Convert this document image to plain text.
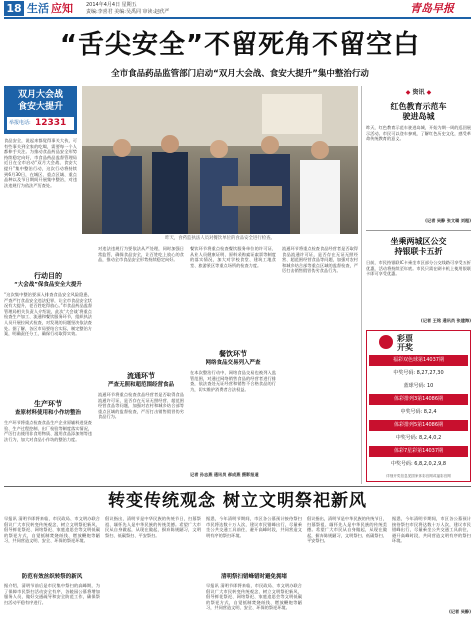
18 生活 应知	2014年4月4日 星期五
责编:李喜君 美编:吴禹同 审读:赵欣严	青岛早报
“舌尖安全”不留死角不留空白
全市食品药品监管部门启动“双月大会战、食安大提升”集中整治行动
双月大会战
食安大提升
举报电话: 12331
食品安全，说起来都觉得事关大伙，可有些事关到全家的吃喝，需要每一个人都伸手关注。为推动食品药品安全形势持续稳定向好，市食品药品监督管理局近日在全市启动“双月大会战、食安大提升”集中整治行动，这次行动将持续到6月30日，在城区、重点区域、重点品种以及节日期间开展集中整治，对违法违规行为依法严厉查处。
昨天，食药监执法人员对餐饮单位的食品安全进行检查。
◆ 资讯 ◆
红色教育示范车
驶进岛城
昨天，红色教育示范车驶进岛城，开始为期一周的巡回展示活动。市民可以登车参观，了解红色历史文化，感受革命传统教育的意义。
(记者 吴静 张文璐 刘超)
坐乘两城区公交
持银联卡五折
日前，市民持银联IC卡乘坐市区部分公交线路可享受五折优惠，活动将持续至年底。市民只需在刷卡机上使用银联卡即可享受优惠。
(记者 王铭 通讯员 张建海)
彩票
开奖
福彩双色球第14037期
中奖号码: 8,27,27,30
蓝球号码: 10
体彩排列3第14086期
中奖号码: 8,2,4
体彩排列5第14086期
中奖号码: 8,2,4,0,2
体彩7星彩第14037期
中奖号码: 6,8,2,0,2,9,8
详细开奖信息见国家体彩官网或福彩官网
行动目的
“大会战”保食品安全大提升
“这次集中整治要深入排查食品安全风险隐患，严查严打食品安全违法犯罪，让全市食品安全状况有大提升，老百姓吃得放心。”市食品药品监督管理局相关负责人介绍说，此次‘大会战’将重点检查生产加工、流通和餐饮服务环节，组织执法人员开展拉网式检查，对发现的问题坚决依法查处。据了解，各区市局要结合实际，制定整治方案，明确责任分工，确保行动取得实效。
生产环节
查原材料使用和小作坊整治
生产环节将重点检查食品生产企业原辅料进货查验、生产过程控制、出厂检验等制度落实情况，严厉打击使用非食用物质、滥用食品添加剂等违法行为，加大对食品小作坊的整治力度。
对违法违规行为要依法从严处理，同时加强日常监管，确保食品安全，让百姓吃上放心的食品，推动全市食品安全形势持续稳定向好。
流通环节
严查无照和超范围经营食品
流通环节将重点检查食品经营者是否取得食品流通许可证，是否存在无证无照经营、超范围经营食品等问题，加强对农村和城乡结合部等重点区域的监督检查，严厉打击销售假冒伪劣食品行为。
餐饮环节将重点检查餐饮服务单位的许可证、从业人员健康证明、原料采购索证索票等制度的落实情况，加大对学校食堂、建筑工地食堂、旅游景区等重点场所的检查力度。
餐饮环节
网络食品交易列入严查
在本次整治行动中，网络食品交易也被列入监管范围，对通过网络销售食品的经营者进行排查，依法查处无证经营和销售不合格食品的行为，切实维护消费者合法权益。
记者 孙志燕 通讯员 郝成燕 摄影报道
流通环节将重点检查食品经营者是否取得食品流通许可证，是否存在无证无照经营、超范围经营食品等问题，加强对农村和城乡结合部等重点区域的监督检查，严厉打击销售假冒伪劣食品行为。
转变传统观念 树立文明祭祀新风
早报讯 清明节即将来临，市民政局、市文明办联合倡议广大市民转变传统观念，树立文明祭祀新风，倡导鲜花祭祀、网络祭祀、家庭追思会等文明低碳的祭祀方式，自觉抵制焚烧纸钱、燃放鞭炮等陋习，共同营造文明、安全、环保的祭祀环境。
防范有效丝织转祭的新风
据介绍，清明节前后是市民集中祭扫的高峰期，为了保障市民祭扫活动安全有序，各陵园公墓将增加服务人员，做好交通疏导和安全防范工作，确保祭扫活动平稳有序进行。
倡议指出，清明节是中华民族的传统节日，扫墓祭祖、缅怀先人是中华民族的传统美德。希望广大市民从自身做起，从现在做起，摒弃陈规陋习，文明祭扫、低碳祭扫、平安祭扫。
据悉，今年清明节期间，市区各公墓预计接待祭扫市民将达数十万人次，建议市民错峰出行，尽量乘坐公共交通工具前往，避开高峰时段，共同营造文明有序的祭扫环境。
清明祭扫错峰错时避免拥堵
早报讯 清明节即将来临，市民政局、市文明办联合倡议广大市民转变传统观念，树立文明祭祀新风，倡导鲜花祭祀、网络祭祀、家庭追思会等文明低碳的祭祀方式，自觉抵制焚烧纸钱、燃放鞭炮等陋习，共同营造文明、安全、环保的祭祀环境。
倡议指出，清明节是中华民族的传统节日，扫墓祭祖、缅怀先人是中华民族的传统美德。希望广大市民从自身做起，从现在做起，摒弃陈规陋习，文明祭扫、低碳祭扫、平安祭扫。
据悉，今年清明节期间，市区各公墓预计接待祭扫市民将达数十万人次，建议市民错峰出行，尽量乘坐公共交通工具前往，避开高峰时段，共同营造文明有序的祭扫环境。
(记者 吴静)
